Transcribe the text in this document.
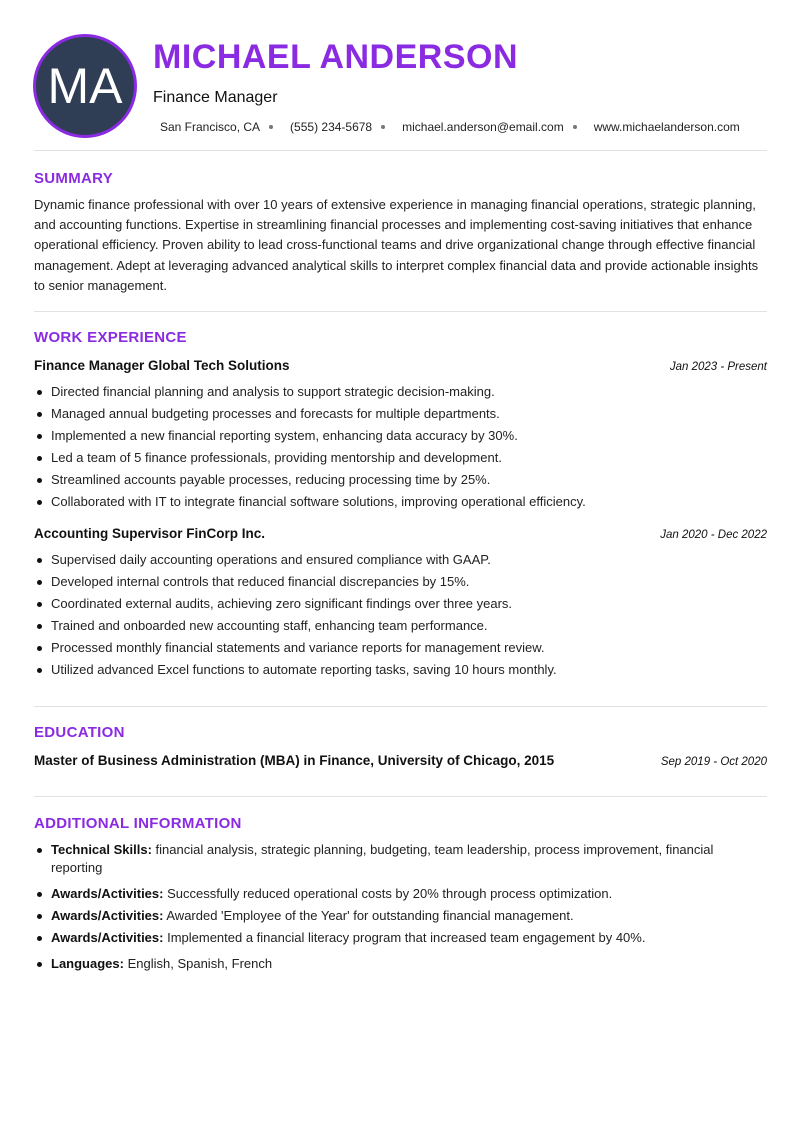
MA
MICHAEL ANDERSON
Finance Manager
San Francisco, CA	(555) 234-5678	michael.anderson@email.com	www.michaelanderson.com
SUMMARY
Dynamic finance professional with over 10 years of extensive experience in managing financial operations, strategic planning, and accounting functions. Expertise in streamlining financial processes and implementing cost-saving initiatives that enhance operational efficiency. Proven ability to lead cross-functional teams and drive organizational change through effective financial management. Adept at leveraging advanced analytical skills to interpret complex financial data and provide actionable insights to senior management.
WORK EXPERIENCE
Finance Manager Global Tech Solutions	Jan 2023 - Present
Directed financial planning and analysis to support strategic decision-making.
Managed annual budgeting processes and forecasts for multiple departments.
Implemented a new financial reporting system, enhancing data accuracy by 30%.
Led a team of 5 finance professionals, providing mentorship and development.
Streamlined accounts payable processes, reducing processing time by 25%.
Collaborated with IT to integrate financial software solutions, improving operational efficiency.
Accounting Supervisor FinCorp Inc.	Jan 2020 - Dec 2022
Supervised daily accounting operations and ensured compliance with GAAP.
Developed internal controls that reduced financial discrepancies by 15%.
Coordinated external audits, achieving zero significant findings over three years.
Trained and onboarded new accounting staff, enhancing team performance.
Processed monthly financial statements and variance reports for management review.
Utilized advanced Excel functions to automate reporting tasks, saving 10 hours monthly.
EDUCATION
Master of Business Administration (MBA) in Finance, University of Chicago, 2015	Sep 2019 - Oct 2020
ADDITIONAL INFORMATION
Technical Skills: financial analysis, strategic planning, budgeting, team leadership, process improvement, financial reporting
Awards/Activities: Successfully reduced operational costs by 20% through process optimization.
Awards/Activities: Awarded 'Employee of the Year' for outstanding financial management.
Awards/Activities: Implemented a financial literacy program that increased team engagement by 40%.
Languages: English, Spanish, French
